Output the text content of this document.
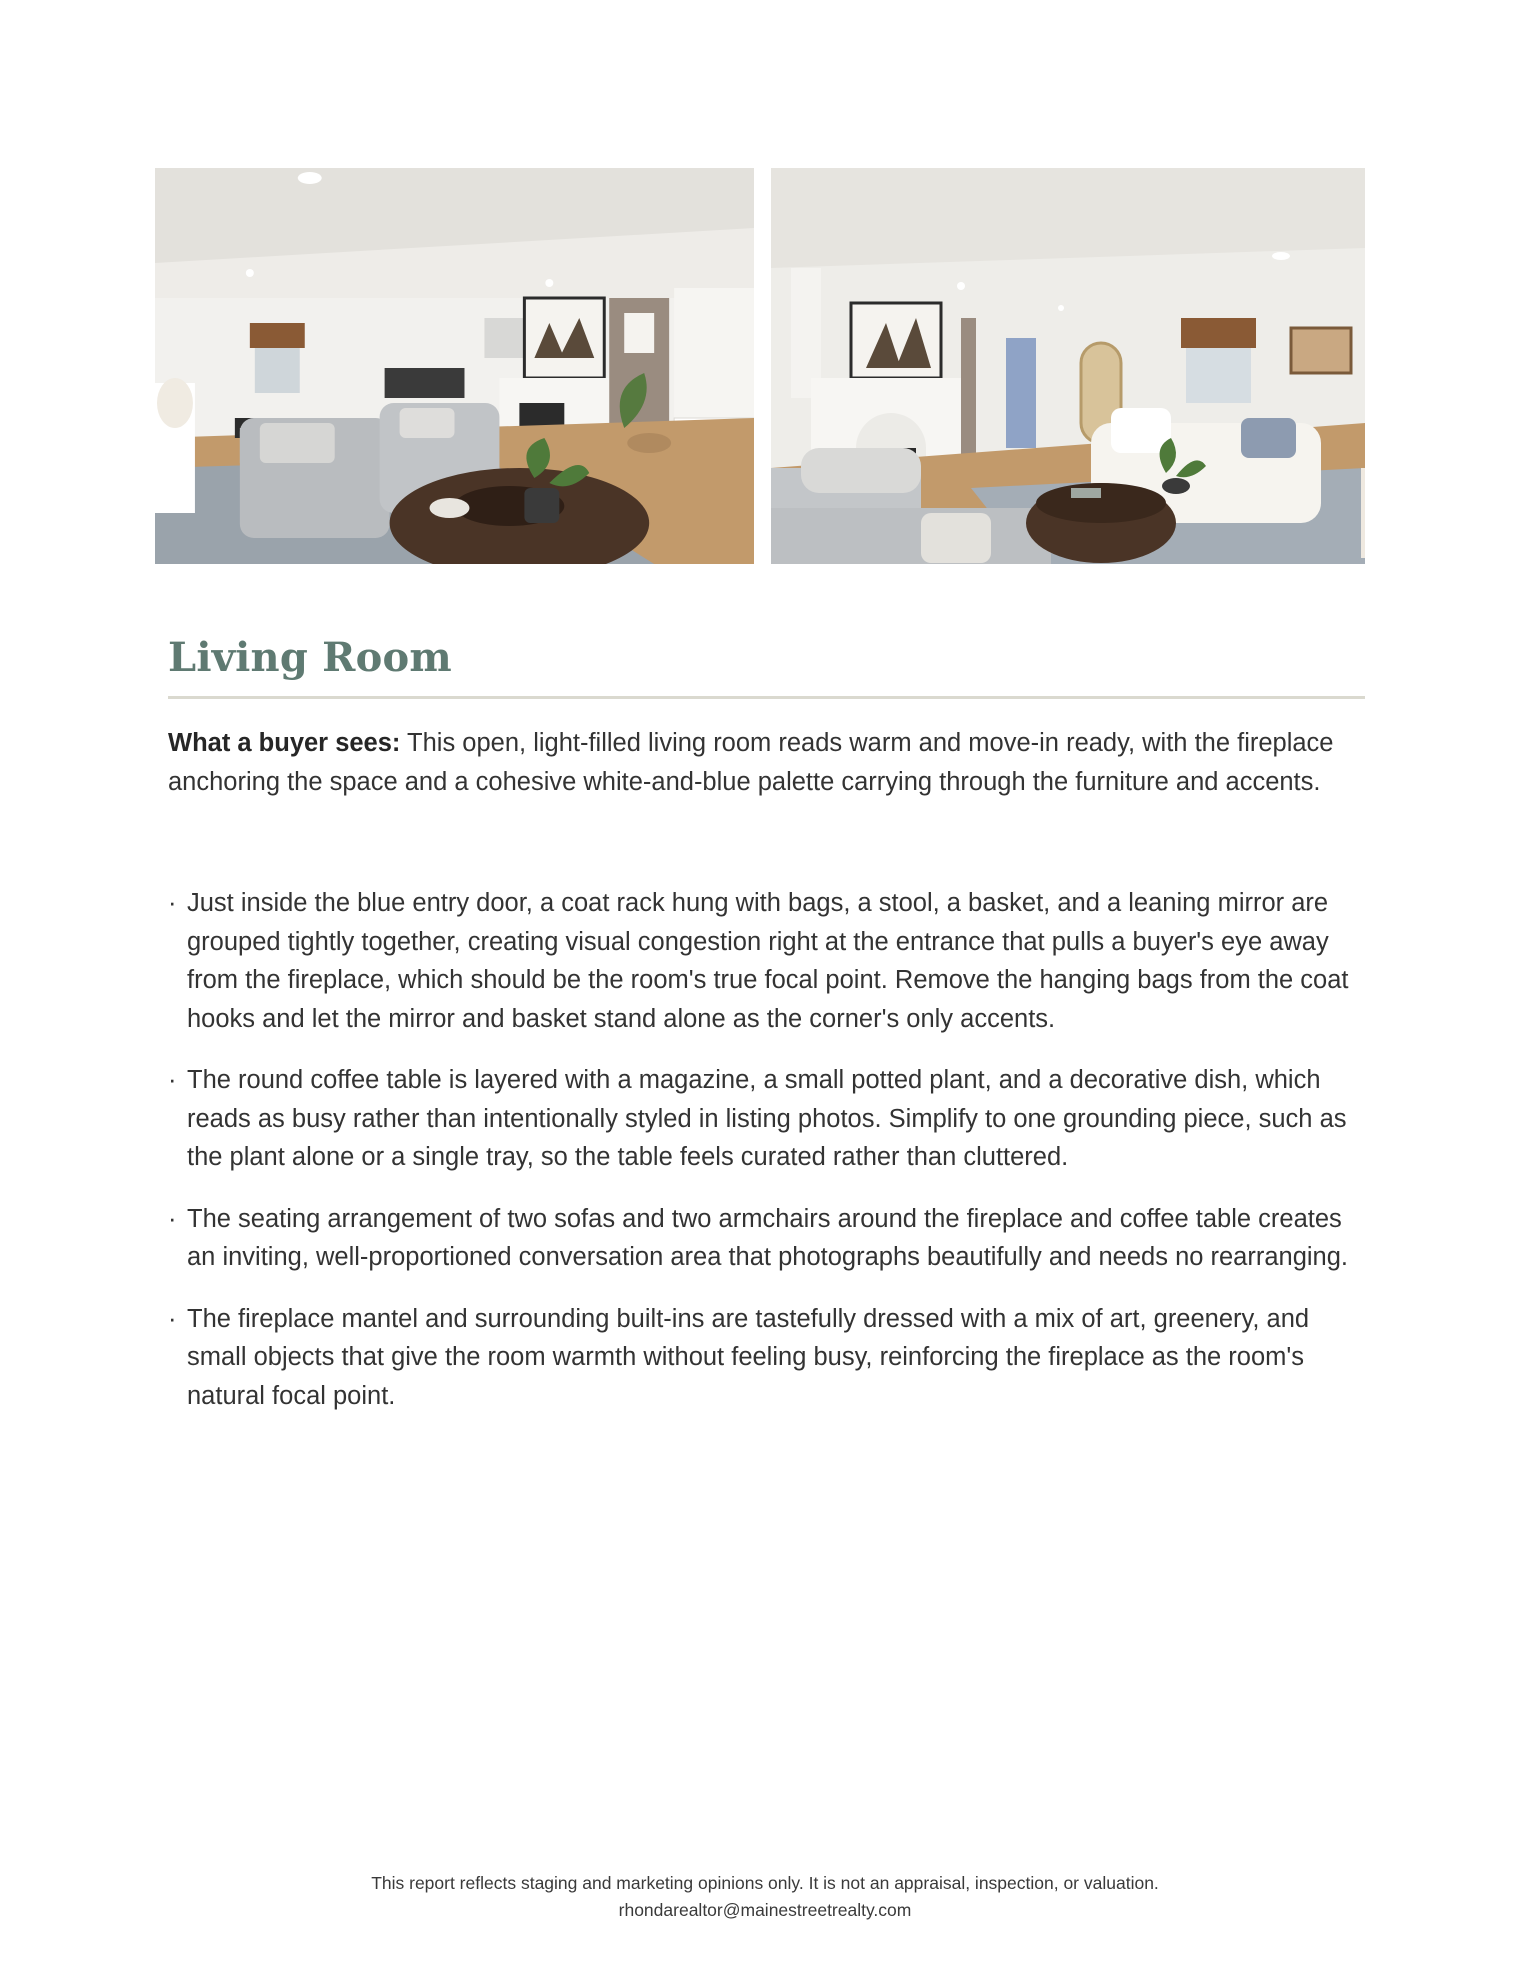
Living Room

What a buyer sees: This open, light-filled living room reads warm and move-in ready, with the fireplace anchoring the space and a cohesive white-and-blue palette carrying through the furniture and accents.

· Just inside the blue entry door, a coat rack hung with bags, a stool, a basket, and a leaning mirror are grouped tightly together, creating visual congestion right at the entrance that pulls a buyer's eye away from the fireplace, which should be the room's true focal point. Remove the hanging bags from the coat hooks and let the mirror and basket stand alone as the corner's only accents.
· The round coffee table is layered with a magazine, a small potted plant, and a decorative dish, which reads as busy rather than intentionally styled in listing photos. Simplify to one grounding piece, such as the plant alone or a single tray, so the table feels curated rather than cluttered.
· The seating arrangement of two sofas and two armchairs around the fireplace and coffee table creates an inviting, well-proportioned conversation area that photographs beautifully and needs no rearranging.
· The fireplace mantel and surrounding built-ins are tastefully dressed with a mix of art, greenery, and small objects that give the room warmth without feeling busy, reinforcing the fireplace as the room's natural focal point.
This report reflects staging and marketing opinions only. It is not an appraisal, inspection, or valuation.
rhondarealtor@mainestreetrealty.com
